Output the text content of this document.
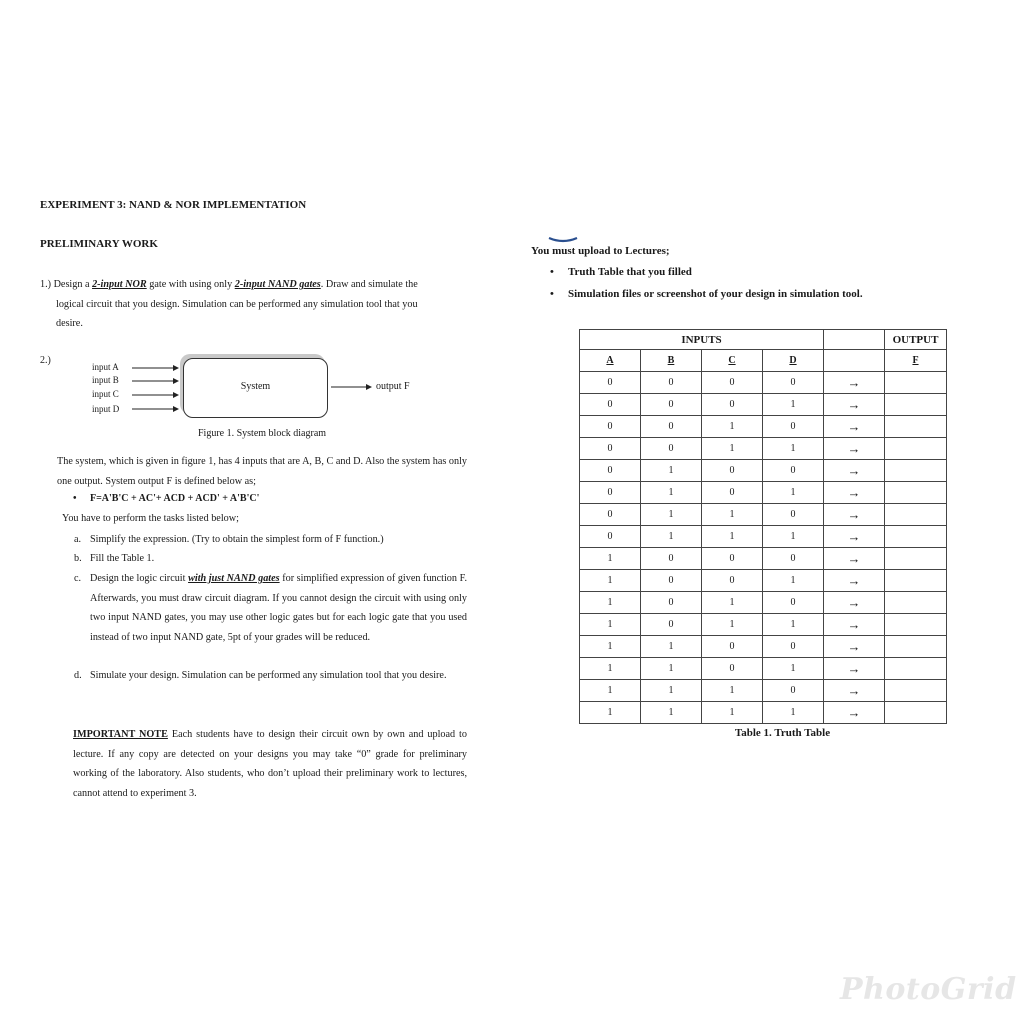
EXPERIMENT 3: NAND & NOR IMPLEMENTATION
PRELIMINARY WORK
1.) Design a 2-input NOR gate with using only 2-input NAND gates. Draw and simulate the
logical circuit that you design. Simulation can be performed any simulation tool that you
desire.
2.)
input A
input B
input C
input D
System	output F
Figure 1. System block diagram
The system, which is given in figure 1, has 4 inputs that are A, B, C and D. Also the system has only one output. System output F is defined below as;
• F=A'B'C + AC'+ ACD + ACD' + A'B'C'
You have to perform the tasks listed below;
a. Simplify the expression. (Try to obtain the simplest form of F function.)
b. Fill the Table 1.
c. Design the logic circuit with just NAND gates for simplified expression of given function F. Afterwards, you must draw circuit diagram. If you cannot design the circuit with using only two input NAND gates, you may use other logic gates but for each logic gate that you used instead of two input NAND gate, 5pt of your grades will be reduced.
d. Simulate your design. Simulation can be performed any simulation tool that you desire.
IMPORTANT NOTE Each students have to design their circuit own by own and upload to lecture. If any copy are detected on your designs you may take “0” grade for preliminary working of the laboratory. Also students, who don’t upload their preliminary work to lectures, cannot attend to experiment 3.
You must upload to Lectures;
• Truth Table that you filled
• Simulation files or screenshot of your design in simulation tool.
INPUTS					OUTPUT
A	B	C	D		F
0	0	0	0	→	
0	0	0	1	→	
0	0	1	0	→	
0	0	1	1	→	
0	1	0	0	→	
0	1	0	1	→	
0	1	1	0	→	
0	1	1	1	→	
1	0	0	0	→	
1	0	0	1	→	
1	0	1	0	→	
1	0	1	1	→	
1	1	0	0	→	
1	1	0	1	→	
1	1	1	0	→	
1	1	1	1	→	
Table 1. Truth Table
PhotoGrid
